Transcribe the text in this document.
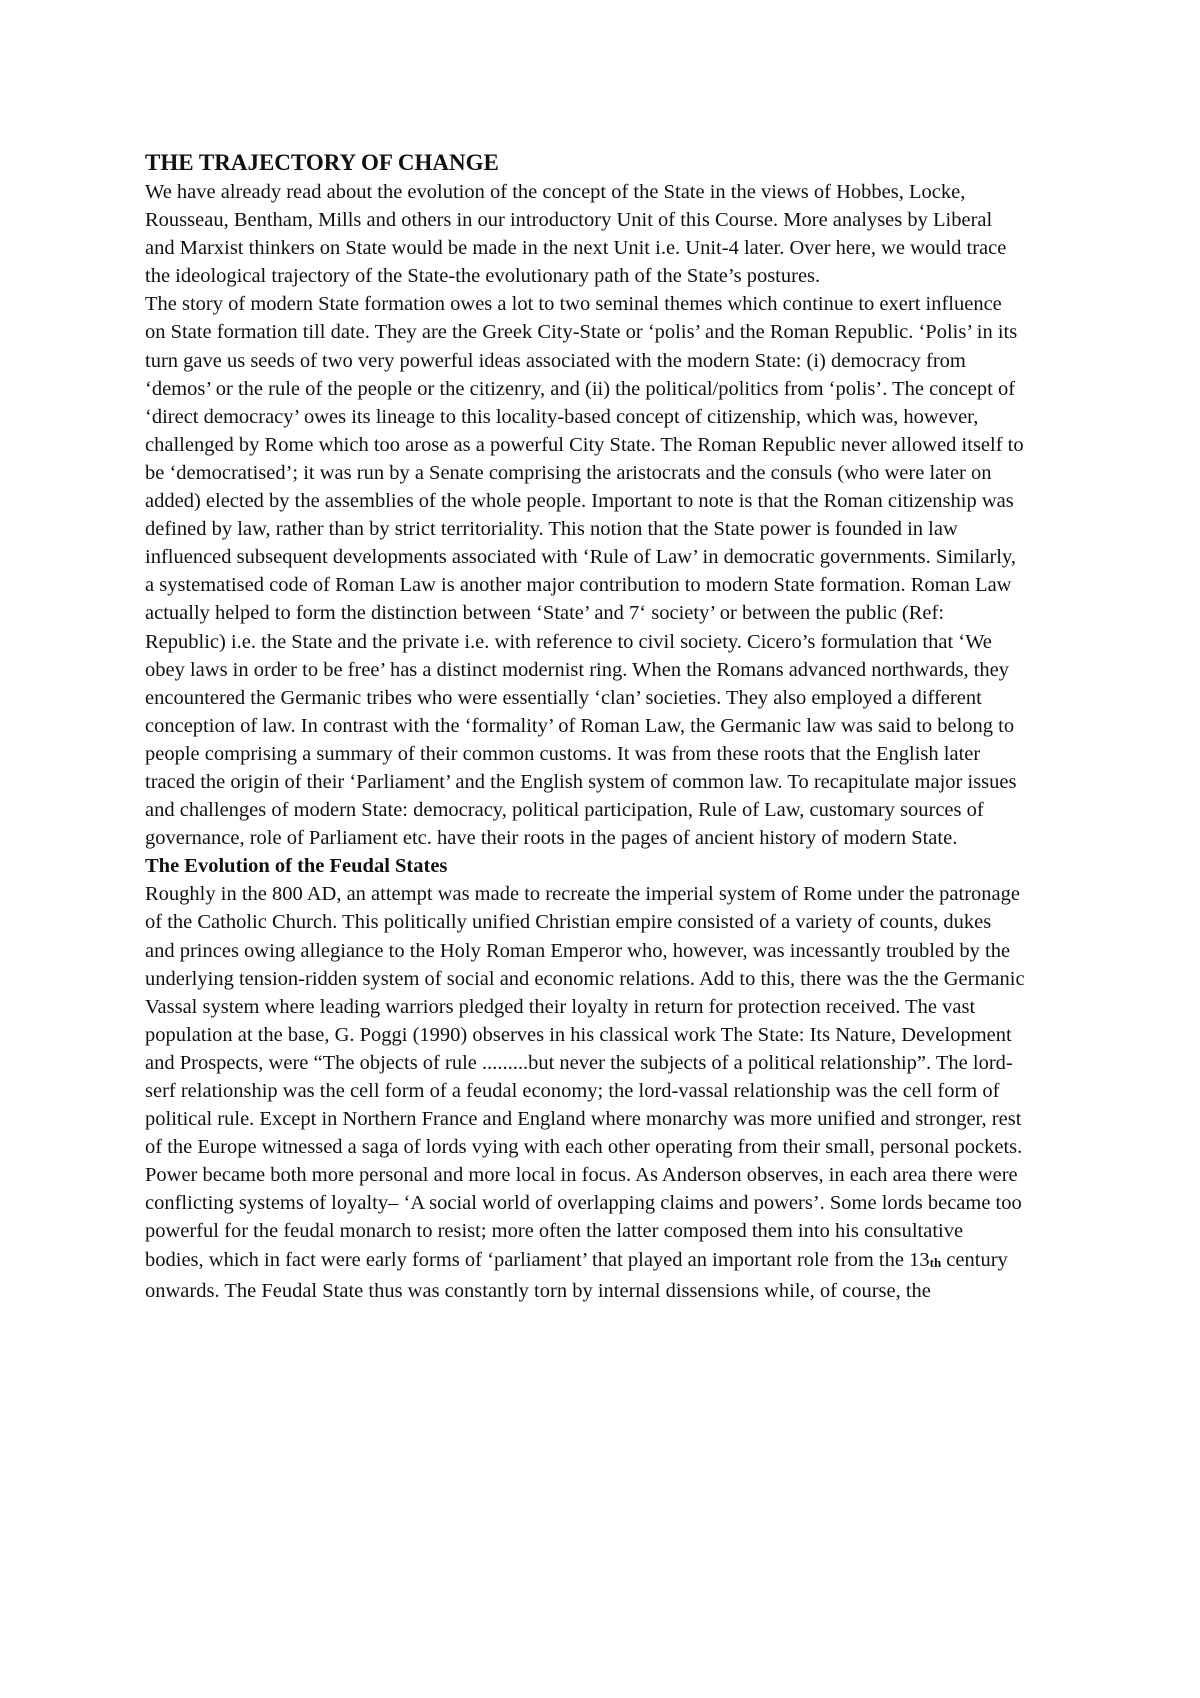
THE TRAJECTORY OF CHANGE

We have already read about the evolution of the concept of the State in the views of Hobbes, Locke, Rousseau, Bentham, Mills and others in our introductory Unit of this Course. More analyses by Liberal and Marxist thinkers on State would be made in the next Unit i.e. Unit-4 later. Over here, we would trace the ideological trajectory of the State-the evolutionary path of the State’s postures.

The story of modern State formation owes a lot to two seminal themes which continue to exert influence on State formation till date. They are the Greek City-State or ‘polis’ and the Roman Republic. ‘Polis’ in its turn gave us seeds of two very powerful ideas associated with the modern State: (i) democracy from ‘demos’ or the rule of the people or the citizenry, and (ii) the political/politics from ‘polis’. The concept of ‘direct democracy’ owes its lineage to this locality-based concept of citizenship, which was, however, challenged by Rome which too arose as a powerful City State. The Roman Republic never allowed itself to be ‘democratised’; it was run by a Senate comprising the aristocrats and the consuls (who were later on added) elected by the assemblies of the whole people. Important to note is that the Roman citizenship was defined by law, rather than by strict territoriality. This notion that the State power is founded in law influenced subsequent developments associated with ‘Rule of Law’ in democratic governments. Similarly, a systematised code of Roman Law is another major contribution to modern State formation. Roman Law actually helped to form the distinction between ‘State’ and 7‘ society’ or between the public (Ref: Republic) i.e. the State and the private i.e. with reference to civil society. Cicero’s formulation that ‘We obey laws in order to be free’ has a distinct modernist ring. When the Romans advanced northwards, they encountered the Germanic tribes who were essentially ‘clan’ societies. They also employed a different conception of law. In contrast with the ‘formality’ of Roman Law, the Germanic law was said to belong to people comprising a summary of their common customs. It was from these roots that the English later traced the origin of their ‘Parliament’ and the English system of common law. To recapitulate major issues and challenges of modern State: democracy, political participation, Rule of Law, customary sources of governance, role of Parliament etc. have their roots in the pages of ancient history of modern State.

The Evolution of the Feudal States

Roughly in the 800 AD, an attempt was made to recreate the imperial system of Rome under the patronage of the Catholic Church. This politically unified Christian empire consisted of a variety of counts, dukes and princes owing allegiance to the Holy Roman Emperor who, however, was incessantly troubled by the underlying tension-ridden system of social and economic relations. Add to this, there was the the Germanic Vassal system where leading warriors pledged their loyalty in return for protection received. The vast population at the base, G. Poggi (1990) observes in his classical work The State: Its Nature, Development and Prospects, were “The objects of rule .........but never the subjects of a political relationship”. The lord-serf relationship was the cell form of a feudal economy; the lord-vassal relationship was the cell form of political rule. Except in Northern France and England where monarchy was more unified and stronger, rest of the Europe witnessed a saga of lords vying with each other operating from their small, personal pockets.

Power became both more personal and more local in focus. As Anderson observes, in each area there were conflicting systems of loyalty– ‘A social world of overlapping claims and powers’. Some lords became too powerful for the feudal monarch to resist; more often the latter composed them into his consultative bodies, which in fact were early forms of ‘parliament’ that played an important role from the $13_{th}$ century onwards. The Feudal State thus was constantly torn by internal dissensions while, of course, the
